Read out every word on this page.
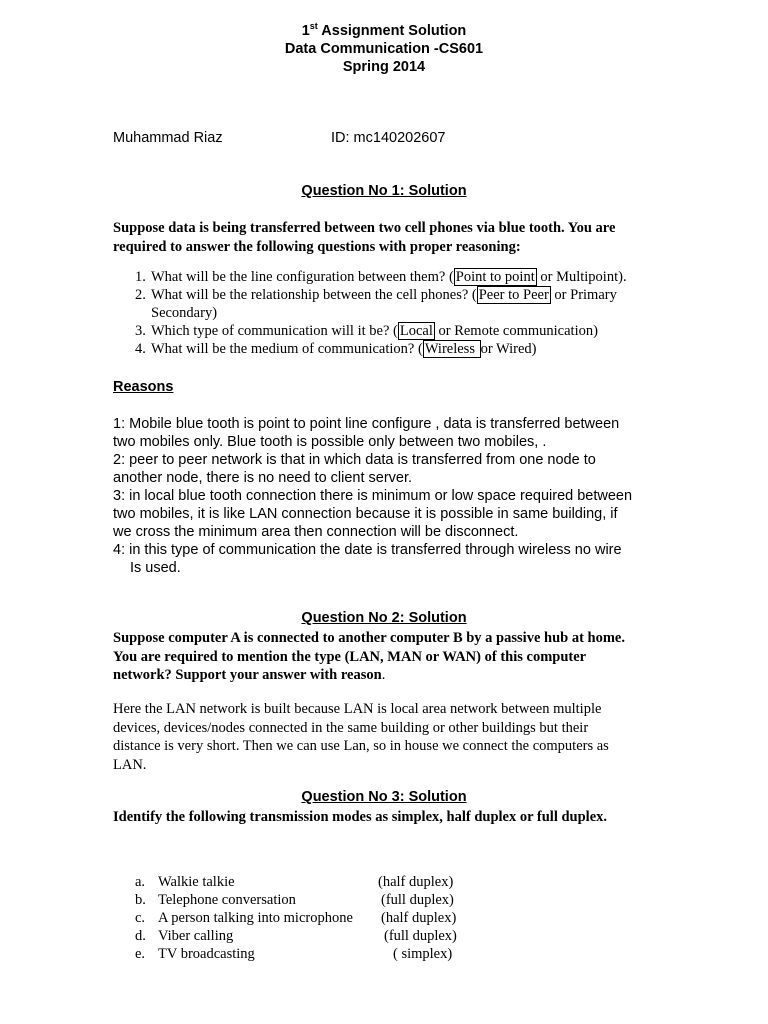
1st Assignment Solution
Data Communication -CS601
Spring 2014
Muhammad Riaz	ID: mc140202607
Question No 1: Solution
Suppose data is being transferred between two cell phones via blue tooth. You are
required to answer the following questions with proper reasoning:
1. What will be the line configuration between them? ( Point to point or Multipoint).
2. What will be the relationship between the cell phones? ( Peer to Peer or Primary
Secondary)
3. Which type of communication will it be? ( Local or Remote communication)
4. What will be the medium of communication? ( Wireless or Wired)
Reasons
1: Mobile blue tooth is point to point line configure , data is transferred between
two mobiles only. Blue tooth is possible only between two mobiles, .
2: peer to peer network is that in which data is transferred from one node to
another node, there is no need to client server.
3: in local blue tooth connection there is minimum or low space required between
two mobiles, it is like LAN connection because it is possible in same building, if
we cross the minimum area then connection will be disconnect.
4: in this type of communication the date is transferred through wireless no wire
Is used.
Question No 2: Solution
Suppose computer A is connected to another computer B by a passive hub at home.
You are required to mention the type (LAN, MAN or WAN) of this computer
network? Support your answer with reason.
Here the LAN network is built because LAN is local area network between multiple
devices, devices/nodes connected in the same building or other buildings but their
distance is very short. Then we can use Lan, so in house we connect the computers as
LAN.
Question No 3: Solution
Identify the following transmission modes as simplex, half duplex or full duplex.
a. Walkie talkie	(half duplex)
b. Telephone conversation	(full duplex)
c. A person talking into microphone (half duplex)
d. Viber calling	(full duplex)
e. TV broadcasting	( simplex)
